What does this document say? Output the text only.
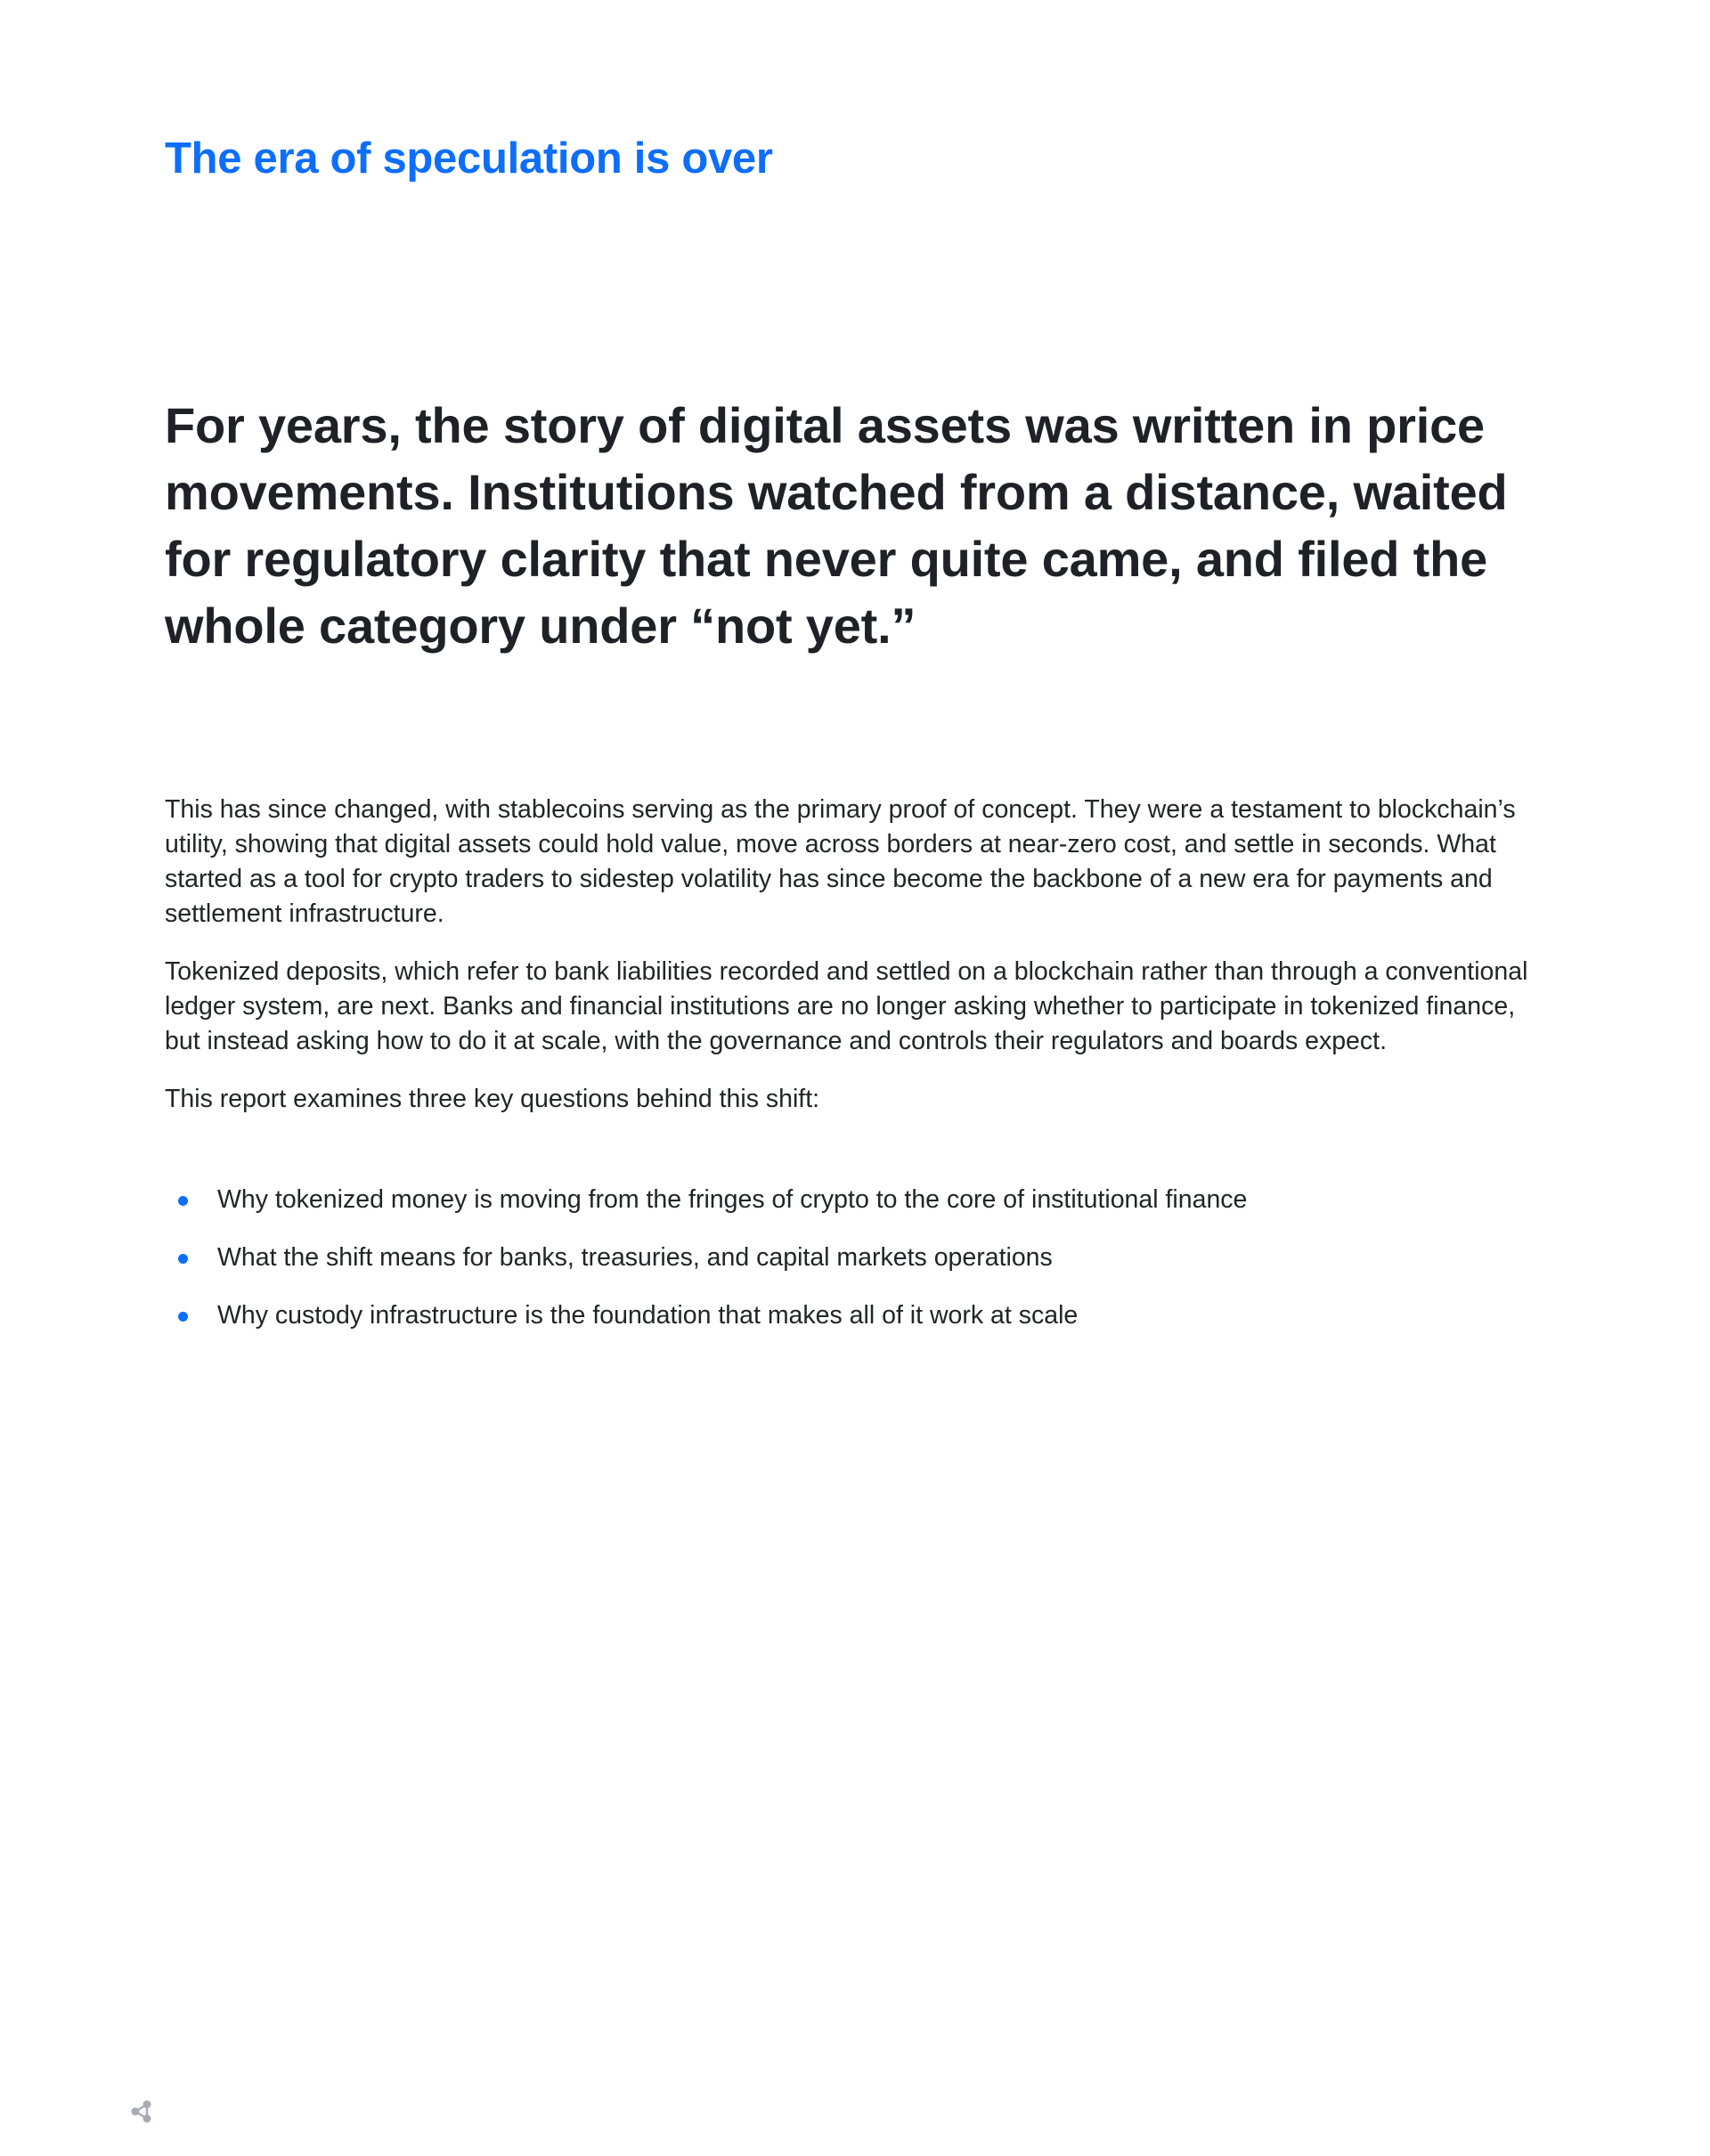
The era of speculation is over

For years, the story of digital assets was written in price movements. Institutions watched from a distance, waited for regulatory clarity that never quite came, and filed the whole category under “not yet.”

This has since changed, with stablecoins serving as the primary proof of concept. They were a testament to blockchain’s utility, showing that digital assets could hold value, move across borders at near-zero cost, and settle in seconds. What started as a tool for crypto traders to sidestep volatility has since become the backbone of a new era for payments and settlement infrastructure.

Tokenized deposits, which refer to bank liabilities recorded and settled on a blockchain rather than through a conventional ledger system, are next. Banks and financial institutions are no longer asking whether to participate in tokenized finance, but instead asking how to do it at scale, with the governance and controls their regulators and boards expect.

This report examines three key questions behind this shift:

Why tokenized money is moving from the fringes of crypto to the core of institutional finance
What the shift means for banks, treasuries, and capital markets operations
Why custody infrastructure is the foundation that makes all of it work at scale
